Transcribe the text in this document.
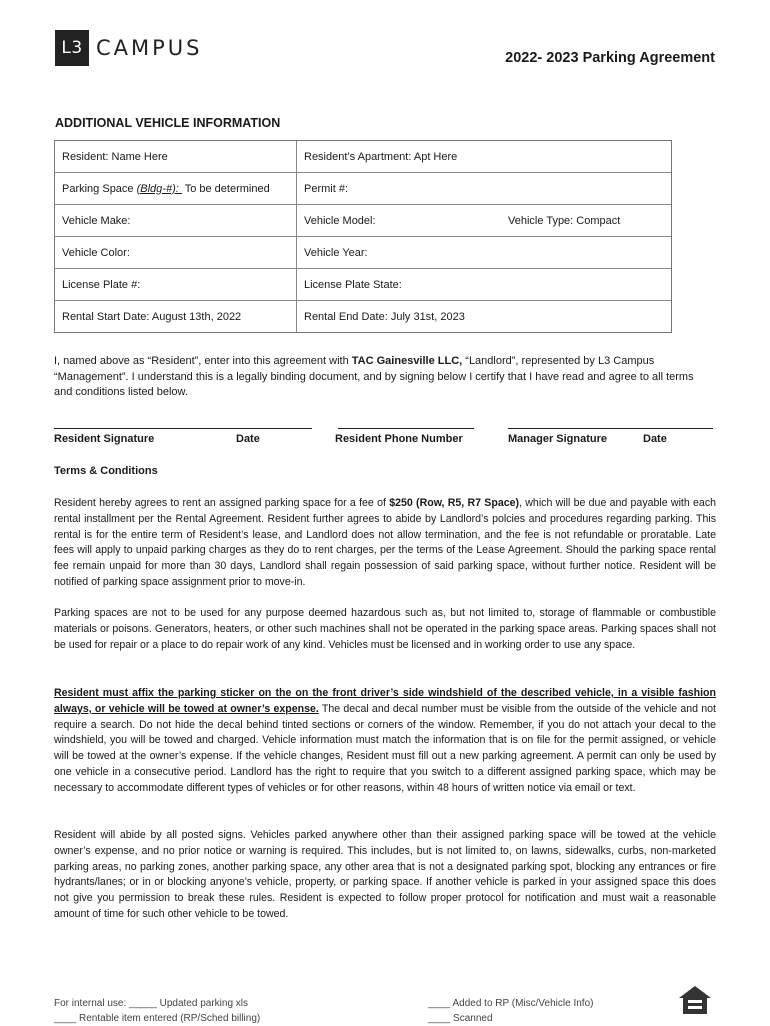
L3 CAMPUS	2022- 2023 Parking Agreement
ADDITIONAL VEHICLE INFORMATION
Resident: Name Here	Resident’s Apartment: Apt Here
Parking Space (Bldg-#): To be determined	Permit #:
Vehicle Make:	Vehicle Model:	Vehicle Type: Compact
Vehicle Color:	Vehicle Year:
License Plate #:	License Plate State:
Rental Start Date: August 13th, 2022	Rental End Date: July 31st, 2023
I, named above as “Resident”, enter into this agreement with TAC Gainesville LLC, “Landlord”, represented by L3 Campus “Management”. I understand this is a legally binding document, and by signing below I certify that I have read and agree to all terms and conditions listed below.
Resident Signature	Date	Resident Phone Number	Manager Signature	Date
Terms & Conditions
Resident hereby agrees to rent an assigned parking space for a fee of $250 (Row, R5, R7 Space), which will be due and payable with each rental installment per the Rental Agreement. Resident further agrees to abide by Landlord’s polcies and procedures regarding parking. This rental is for the entire term of Resident’s lease, and Landlord does not allow termination, and the fee is not refundable or proratable. Late fees will apply to unpaid parking charges as they do to rent charges, per the terms of the Lease Agreement. Should the parking space rental fee remain unpaid for more than 30 days, Landlord shall regain possession of said parking space, without further notice. Resident will be notified of parking space assignment prior to move-in.
Parking spaces are not to be used for any purpose deemed hazardous such as, but not limited to, storage of flammable or combustible materials or poisons. Generators, heaters, or other such machines shall not be operated in the parking space areas. Parking spaces shall not be used for repair or a place to do repair work of any kind. Vehicles must be licensed and in working order to use any space.
Resident must affix the parking sticker on the on the front driver’s side windshield of the described vehicle, in a visible fashion always, or vehicle will be towed at owner’s expense. The decal and decal number must be visible from the outside of the vehicle and not require a search. Do not hide the decal behind tinted sections or corners of the window. Remember, if you do not attach your decal to the windshield, you will be towed and charged. Vehicle information must match the information that is on file for the permit assigned, or vehicle will be towed at the owner’s expense. If the vehicle changes, Resident must fill out a new parking agreement. A permit can only be used by one vehicle in a consecutive period. Landlord has the right to require that you switch to a different assigned parking space, which may be necessary to accommodate different types of vehicles or for other reasons, within 48 hours of written notice via email or text.
Resident will abide by all posted signs. Vehicles parked anywhere other than their assigned parking space will be towed at the vehicle owner’s expense, and no prior notice or warning is required. This includes, but is not limited to, on lawns, sidewalks, curbs, non-marketed parking areas, no parking zones, another parking space, any other area that is not a designated parking spot, blocking any entrances or fire hydrants/lanes; or in or blocking anyone’s vehicle, property, or parking space. If another vehicle is parked in your assigned space this does not give you permission to break these rules. Resident is expected to follow proper protocol for notification and must wait a reasonable amount of time for such other vehicle to be towed.
For internal use: _____ Updated parking xls
____ Rentable item entered (RP/Sched billing)
____ Added to RP (Misc/Vehicle Info)
____ Scanned
